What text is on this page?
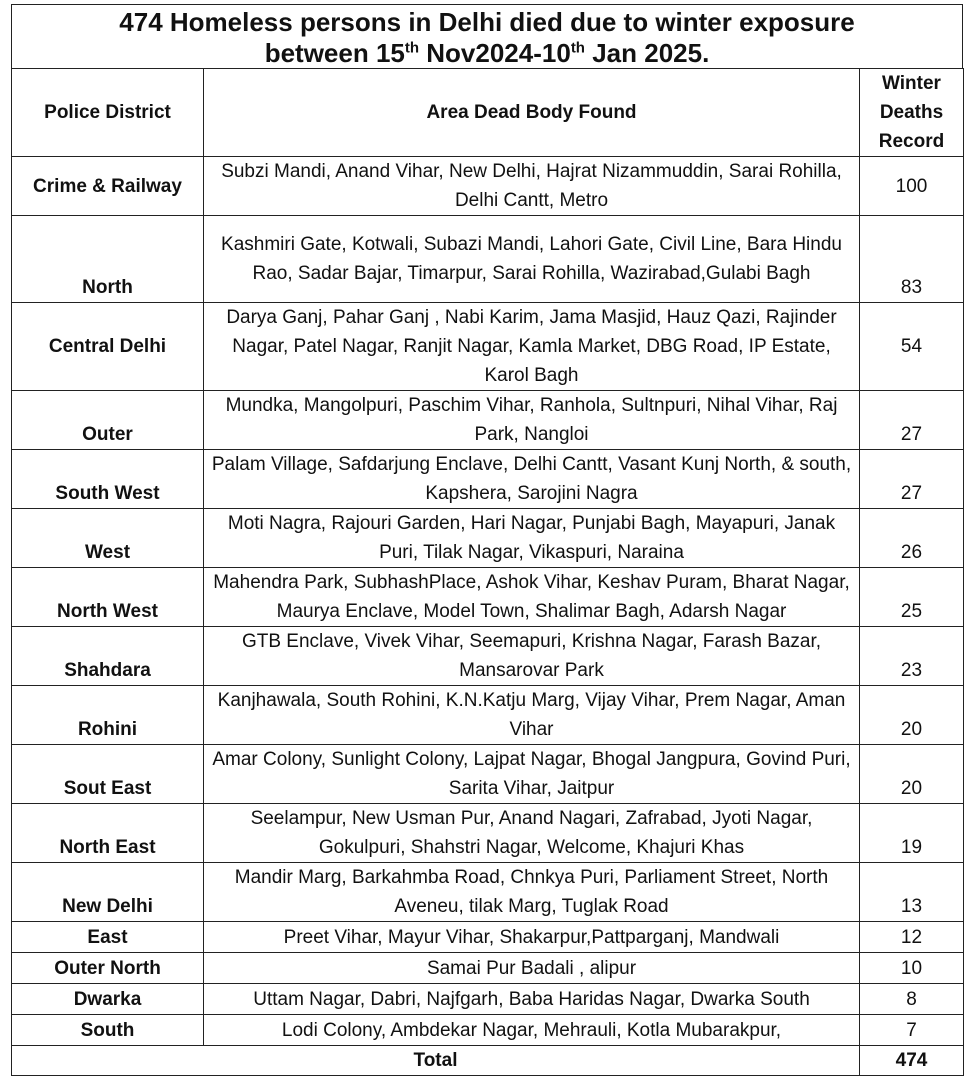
474 Homeless persons in Delhi died due to winter exposure
between 15th Nov2024-10th Jan 2025.
Police District	Area Dead Body Found	Winter
Deaths
Record

Crime & Railway	Subzi Mandi, Anand Vihar, New Delhi, Hajrat Nizammuddin, Sarai Rohilla, Delhi Cantt, Metro	100
North	Kashmiri Gate, Kotwali, Subazi Mandi, Lahori Gate, Civil Line, Bara Hindu Rao, Sadar Bajar, Timarpur, Sarai Rohilla, Wazirabad,Gulabi Bagh	83
Central Delhi	Darya Ganj, Pahar Ganj , Nabi Karim, Jama Masjid, Hauz Qazi, Rajinder Nagar, Patel Nagar, Ranjit Nagar, Kamla Market, DBG Road, IP Estate, Karol Bagh	54
Outer	Mundka, Mangolpuri, Paschim Vihar, Ranhola, Sultnpuri, Nihal Vihar, Raj Park, Nangloi	27
South West	Palam Village, Safdarjung Enclave, Delhi Cantt, Vasant Kunj North, & south, Kapshera, Sarojini Nagra	27
West	Moti Nagra, Rajouri Garden, Hari Nagar, Punjabi Bagh, Mayapuri, Janak Puri, Tilak Nagar, Vikaspuri, Naraina	26
North West	Mahendra Park, SubhashPlace, Ashok Vihar, Keshav Puram, Bharat Nagar, Maurya Enclave, Model Town, Shalimar Bagh, Adarsh Nagar	25
Shahdara	GTB Enclave, Vivek Vihar, Seemapuri, Krishna Nagar, Farash Bazar, Mansarovar Park	23
Rohini	Kanjhawala, South Rohini, K.N.Katju Marg, Vijay Vihar, Prem Nagar, Aman Vihar	20
Sout East	Amar Colony, Sunlight Colony, Lajpat Nagar, Bhogal Jangpura, Govind Puri, Sarita Vihar, Jaitpur	20
North East	Seelampur, New Usman Pur, Anand Nagari, Zafrabad, Jyoti Nagar, Gokulpuri, Shahstri Nagar, Welcome, Khajuri Khas	19
New Delhi	Mandir Marg, Barkahmba Road, Chnkya Puri, Parliament Street, North Aveneu, tilak Marg, Tuglak Road	13
East	Preet Vihar, Mayur Vihar, Shakarpur,Pattparganj, Mandwali	12
Outer North	Samai Pur Badali , alipur	10
Dwarka	Uttam Nagar, Dabri, Najfgarh, Baba Haridas Nagar, Dwarka South	8
South	Lodi Colony, Ambdekar Nagar, Mehrauli, Kotla Mubarakpur,	7
Total		474
